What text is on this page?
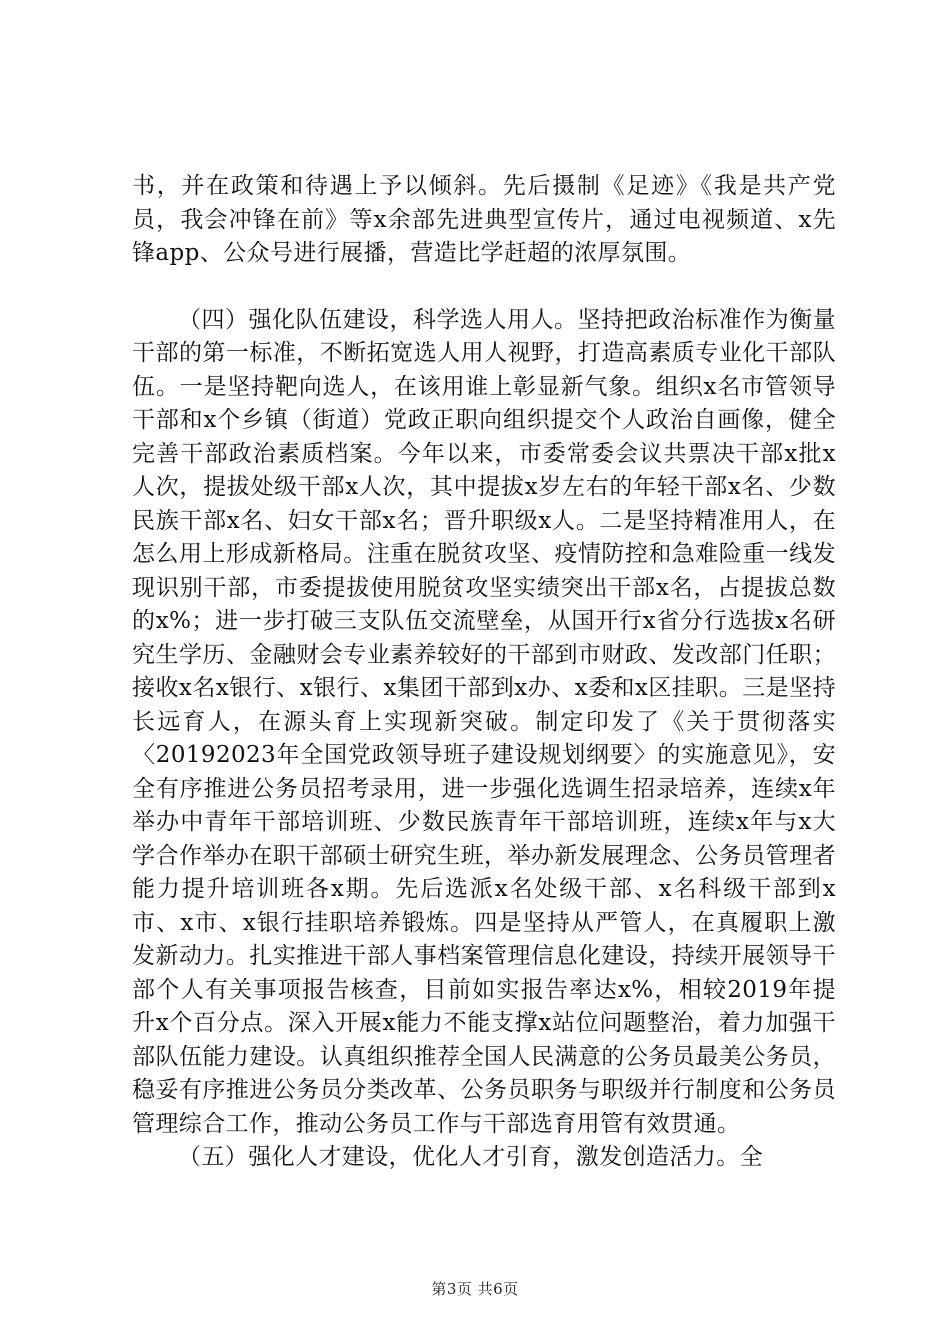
书，并在政策和待遇上予以倾斜。先后摄制《足迹》《我是共产党员，我会冲锋在前》等x余部先进典型宣传片，通过电视频道、x先锋app、公众号进行展播，营造比学赶超的浓厚氛围。

（四）强化队伍建设，科学选人用人。坚持把政治标准作为衡量干部的第一标准，不断拓宽选人用人视野，打造高素质专业化干部队伍。一是坚持靶向选人，在该用谁上彰显新气象。组织x名市管领导干部和x个乡镇（街道）党政正职向组织提交个人政治自画像，健全完善干部政治素质档案。今年以来，市委常委会议共票决干部x批x人次，提拔处级干部x人次，其中提拔x岁左右的年轻干部x名、少数民族干部x名、妇女干部x名；晋升职级x人。二是坚持精准用人，在怎么用上形成新格局。注重在脱贫攻坚、疫情防控和急难险重一线发现识别干部，市委提拔使用脱贫攻坚实绩突出干部x名，占提拔总数的x%；进一步打破三支队伍交流壁垒，从国开行x省分行选拔x名研究生学历、金融财会专业素养较好的干部到市财政、发改部门任职；接收x名x银行、x银行、x集团干部到x办、x委和x区挂职。三是坚持长远育人，在源头育上实现新突破。制定印发了《关于贯彻落实〈20192023年全国党政领导班子建设规划纲要〉的实施意见》，安全有序推进公务员招考录用，进一步强化选调生招录培养，连续x年举办中青年干部培训班、少数民族青年干部培训班，连续x年与x大学合作举办在职干部硕士研究生班，举办新发展理念、公务员管理者能力提升培训班各x期。先后选派x名处级干部、x名科级干部到x市、x市、x银行挂职培养锻炼。四是坚持从严管人，在真履职上激发新动力。扎实推进干部人事档案管理信息化建设，持续开展领导干部个人有关事项报告核查，目前如实报告率达x%，相较2019年提升x个百分点。深入开展x能力不能支撑x站位问题整治，着力加强干部队伍能力建设。认真组织推荐全国人民满意的公务员最美公务员，稳妥有序推进公务员分类改革、公务员职务与职级并行制度和公务员管理综合工作，推动公务员工作与干部选育用管有效贯通。

（五）强化人才建设，优化人才引育，激发创造活力。全

第3页 共6页
